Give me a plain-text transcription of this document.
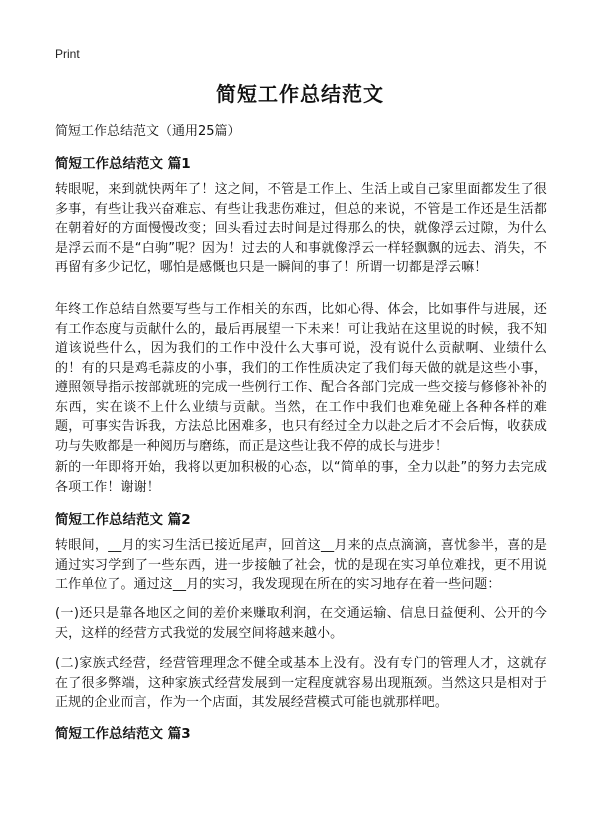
Print
简短工作总结范文
简短工作总结范文（通用25篇）
简短工作总结范文 篇1
转眼呢，来到就快两年了！这之间，不管是工作上、生活上或自己家里面都发生了很多事，有些让我兴奋难忘、有些让我悲伤难过，但总的来说，不管是工作还是生活都在朝着好的方面慢慢改变；回头看过去时间是过得那么的快，就像浮云过隙，为什么是浮云而不是“白驹”呢？因为！过去的人和事就像浮云一样轻飘飘的远去、消失，不再留有多少记忆，哪怕是感慨也只是一瞬间的事了！所谓一切都是浮云嘛！
年终工作总结自然要写些与工作相关的东西，比如心得、体会，比如事件与进展，还有工作态度与贡献什么的，最后再展望一下未来！可让我站在这里说的时候，我不知道该说些什么，因为我们的工作中没什么大事可说，没有说什么贡献啊、业绩什么的！有的只是鸡毛蒜皮的小事，我们的工作性质决定了我们每天做的就是这些小事，遵照领导指示按部就班的完成一些例行工作、配合各部门完成一些交接与修修补补的东西，实在谈不上什么业绩与贡献。当然，在工作中我们也难免碰上各种各样的难题，可事实告诉我，方法总比困难多，也只有经过全力以赴之后才不会后悔，收获成功与失败都是一种阅历与磨练，而正是这些让我不停的成长与进步！
新的一年即将开始，我将以更加积极的心态，以“简单的事，全力以赴”的努力去完成各项工作！谢谢！
简短工作总结范文 篇2
转眼间，__月的实习生活已接近尾声，回首这__月来的点点滴滴，喜忧参半，喜的是通过实习学到了一些东西，进一步接触了社会，忧的是现在实习单位难找，更不用说工作单位了。通过这__月的实习，我发现现在所在的实习地存在着一些问题：
(一)还只是靠各地区之间的差价来赚取利润，在交通运输、信息日益便利、公开的今天，这样的经营方式我觉的发展空间将越来越小。
(二)家族式经营，经营管理理念不健全或基本上没有。没有专门的管理人才，这就存在了很多弊端，这种家族式经营发展到一定程度就容易出现瓶颈。当然这只是相对于正规的企业而言，作为一个店面，其发展经营模式可能也就那样吧。
简短工作总结范文 篇3
